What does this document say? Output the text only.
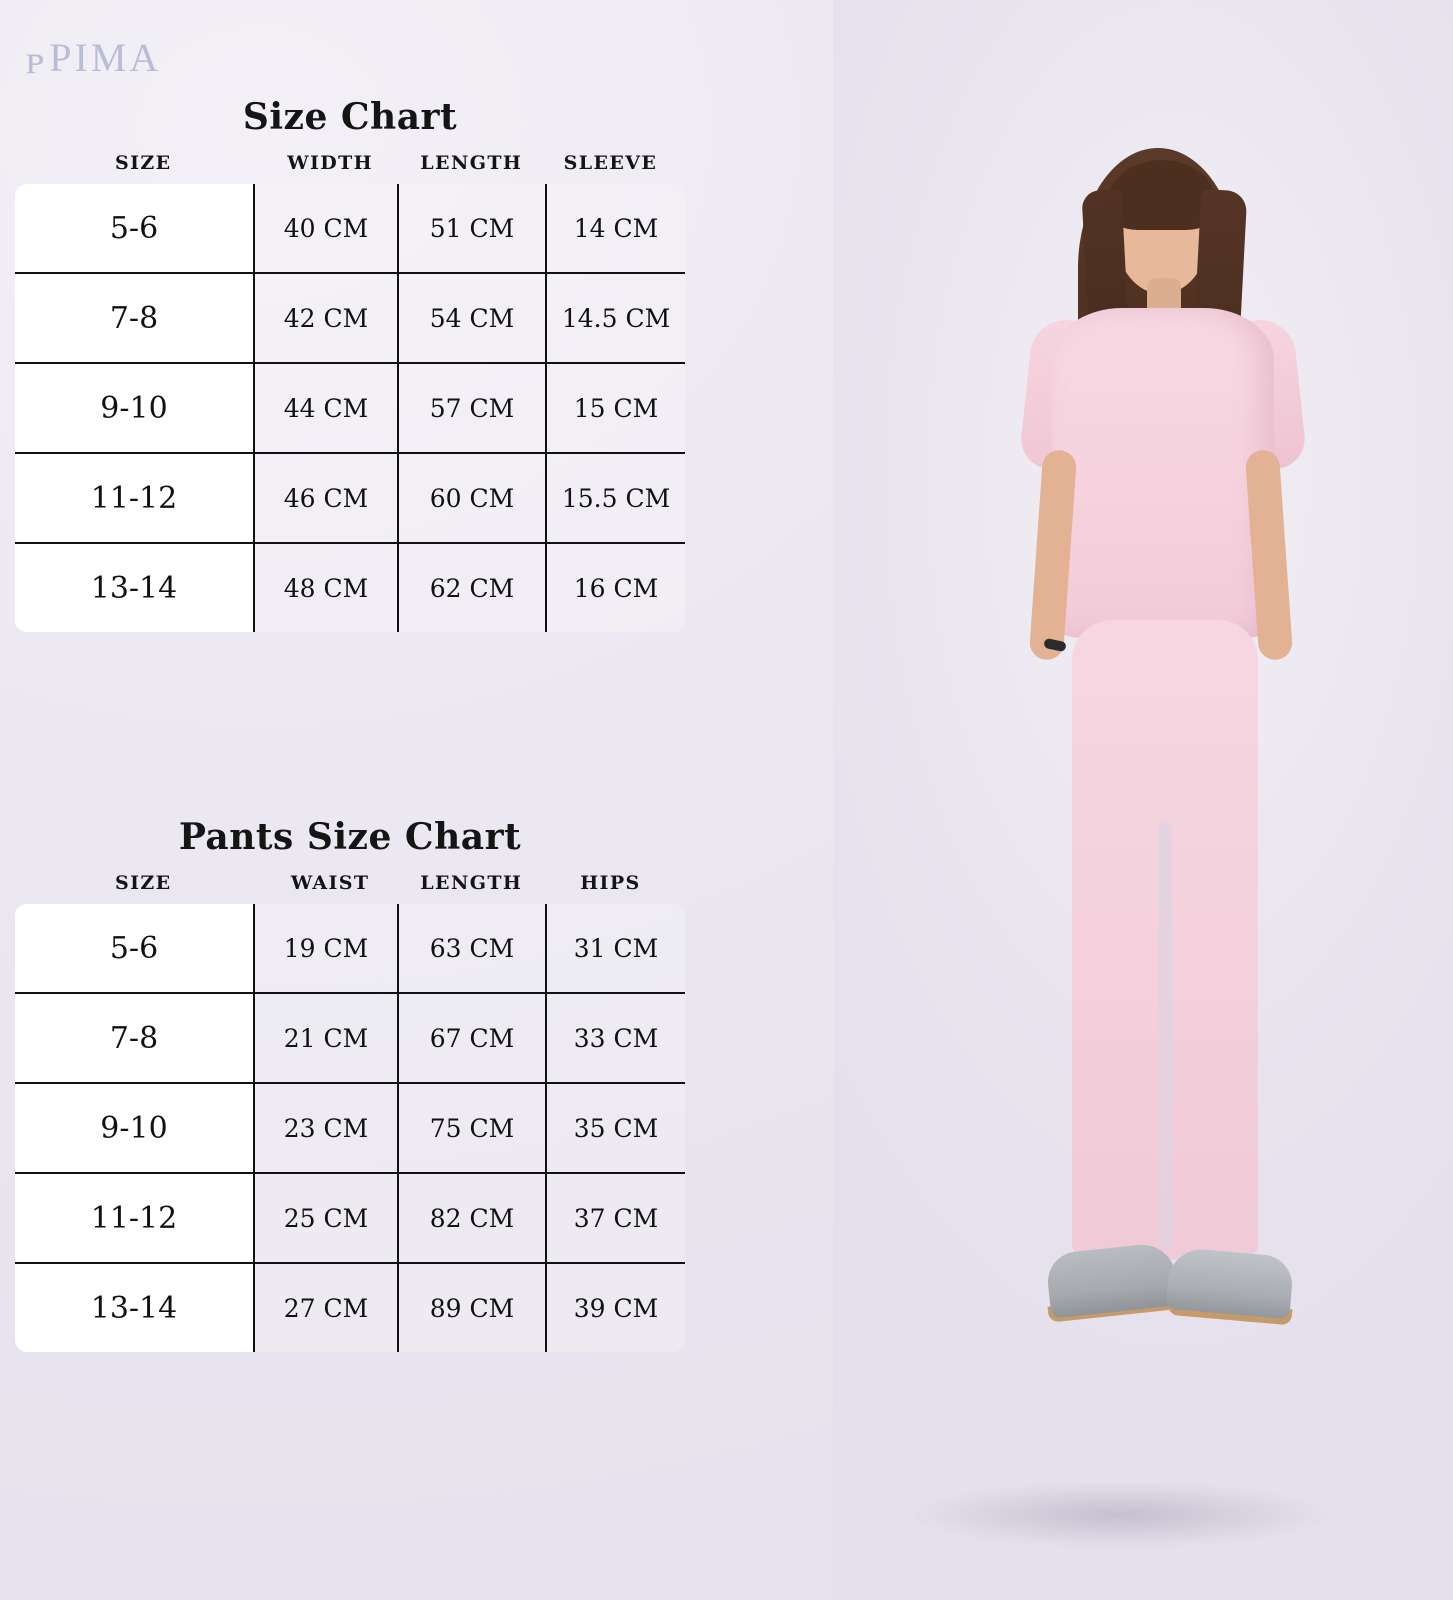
ᴘPIMA
Size Chart
SIZE	WIDTH	LENGTH	SLEEVE
5-6	40 CM	51 CM	14 CM
7-8	42 CM	54 CM	14.5 CM
9-10	44 CM	57 CM	15 CM
11-12	46 CM	60 CM	15.5 CM
13-14	48 CM	62 CM	16 CM
Pants Size Chart
SIZE	WAIST	LENGTH	HIPS
5-6	19 CM	63 CM	31 CM
7-8	21 CM	67 CM	33 CM
9-10	23 CM	75 CM	35 CM
11-12	25 CM	82 CM	37 CM
13-14	27 CM	89 CM	39 CM
